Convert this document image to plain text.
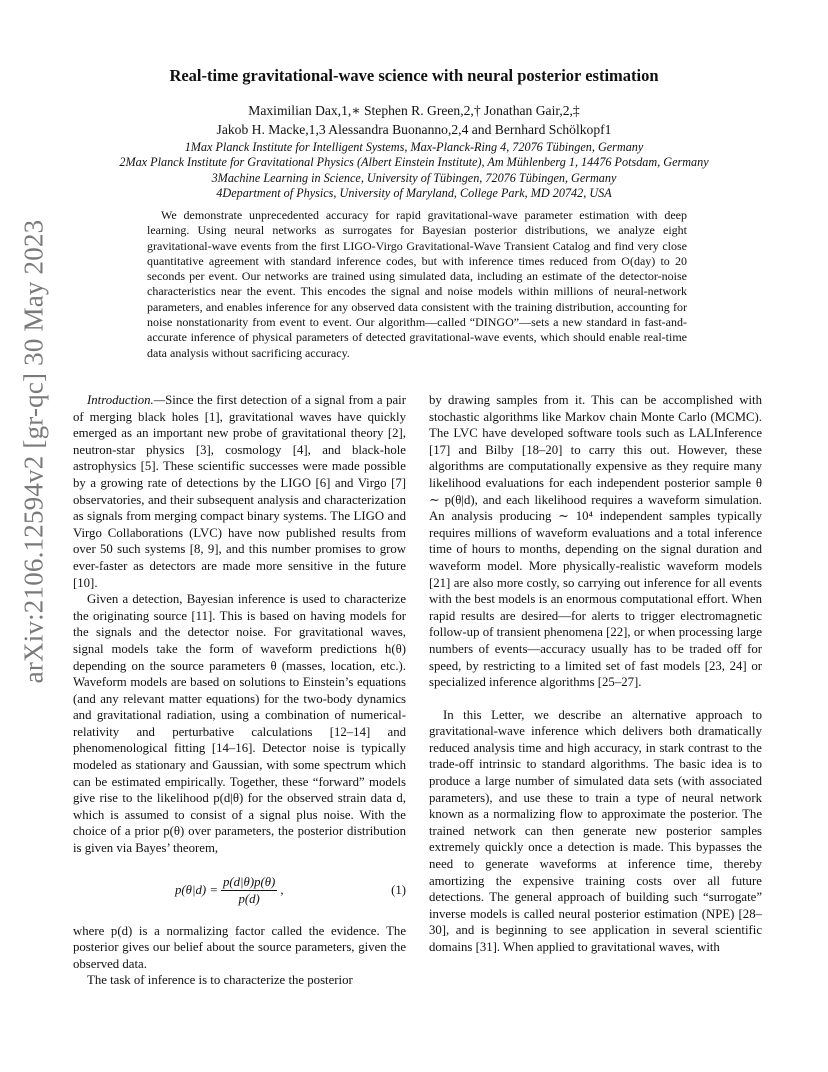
arXiv:2106.12594v2 [gr-qc] 30 May 2023
Real-time gravitational-wave science with neural posterior estimation
Maximilian Dax,1,∗ Stephen R. Green,2,† Jonathan Gair,2,‡
Jakob H. Macke,1,3 Alessandra Buonanno,2,4 and Bernhard Schölkopf1
1Max Planck Institute for Intelligent Systems, Max-Planck-Ring 4, 72076 Tübingen, Germany
2Max Planck Institute for Gravitational Physics (Albert Einstein Institute), Am Mühlenberg 1, 14476 Potsdam, Germany
3Machine Learning in Science, University of Tübingen, 72076 Tübingen, Germany
4Department of Physics, University of Maryland, College Park, MD 20742, USA

We demonstrate unprecedented accuracy for rapid gravitational-wave parameter estimation with deep learning. Using neural networks as surrogates for Bayesian posterior distributions, we analyze eight gravitational-wave events from the first LIGO-Virgo Gravitational-Wave Transient Catalog and find very close quantitative agreement with standard inference codes, but with inference times reduced from O(day) to 20 seconds per event. Our networks are trained using simulated data, including an estimate of the detector-noise characteristics near the event. This encodes the signal and noise models within millions of neural-network parameters, and enables inference for any observed data consistent with the training distribution, accounting for noise nonstationarity from event to event. Our algorithm—called “DINGO”—sets a new standard in fast-and-accurate inference of physical parameters of detected gravitational-wave events, which should enable real-time data analysis without sacrificing accuracy.

Introduction.—Since the first detection of a signal from a pair of merging black holes [1], gravitational waves have quickly emerged as an important new probe of gravitational theory [2], neutron-star physics [3], cosmology [4], and black-hole astrophysics [5]. These scientific successes were made possible by a growing rate of detections by the LIGO [6] and Virgo [7] observatories, and their subsequent analysis and characterization as signals from merging compact binary systems. The LIGO and Virgo Collaborations (LVC) have now published results from over 50 such systems [8, 9], and this number promises to grow ever-faster as detectors are made more sensitive in the future [10].

Given a detection, Bayesian inference is used to characterize the originating source [11]. This is based on having models for the signals and the detector noise. For gravitational waves, signal models take the form of waveform predictions h(θ) depending on the source parameters θ (masses, location, etc.). Waveform models are based on solutions to Einstein’s equations (and any relevant matter equations) for the two-body dynamics and gravitational radiation, using a combination of numerical-relativity and perturbative calculations [12–14] and phenomenological fitting [14–16]. Detector noise is typically modeled as stationary and Gaussian, with some spectrum which can be estimated empirically. Together, these “forward” models give rise to the likelihood p(d|θ) for the observed strain data d, which is assumed to consist of a signal plus noise. With the choice of a prior p(θ) over parameters, the posterior distribution is given via Bayes’ theorem,

$p(\theta|d) = \frac{p(d|\theta)p(\theta)}{p(d)}$ ,	(1)

where p(d) is a normalizing factor called the evidence. The posterior gives our belief about the source parameters, given the observed data.

The task of inference is to characterize the posterior

by drawing samples from it. This can be accomplished with stochastic algorithms like Markov chain Monte Carlo (MCMC). The LVC have developed software tools such as LALInference [17] and Bilby [18–20] to carry this out. However, these algorithms are computationally expensive as they require many likelihood evaluations for each independent posterior sample θ ∼ p(θ|d), and each likelihood requires a waveform simulation. An analysis producing ∼ 10⁴ independent samples typically requires millions of waveform evaluations and a total inference time of hours to months, depending on the signal duration and waveform model. More physically-realistic waveform models [21] are also more costly, so carrying out inference for all events with the best models is an enormous computational effort. When rapid results are desired—for alerts to trigger electromagnetic follow-up of transient phenomena [22], or when processing large numbers of events—accuracy usually has to be traded off for speed, by restricting to a limited set of fast models [23, 24] or specialized inference algorithms [25–27].

In this Letter, we describe an alternative approach to gravitational-wave inference which delivers both dramatically reduced analysis time and high accuracy, in stark contrast to the trade-off intrinsic to standard algorithms. The basic idea is to produce a large number of simulated data sets (with associated parameters), and use these to train a type of neural network known as a normalizing flow to approximate the posterior. The trained network can then generate new posterior samples extremely quickly once a detection is made. This bypasses the need to generate waveforms at inference time, thereby amortizing the expensive training costs over all future detections. The general approach of building such “surrogate” inverse models is called neural posterior estimation (NPE) [28–30], and is beginning to see application in several scientific domains [31]. When applied to gravitational waves, with
